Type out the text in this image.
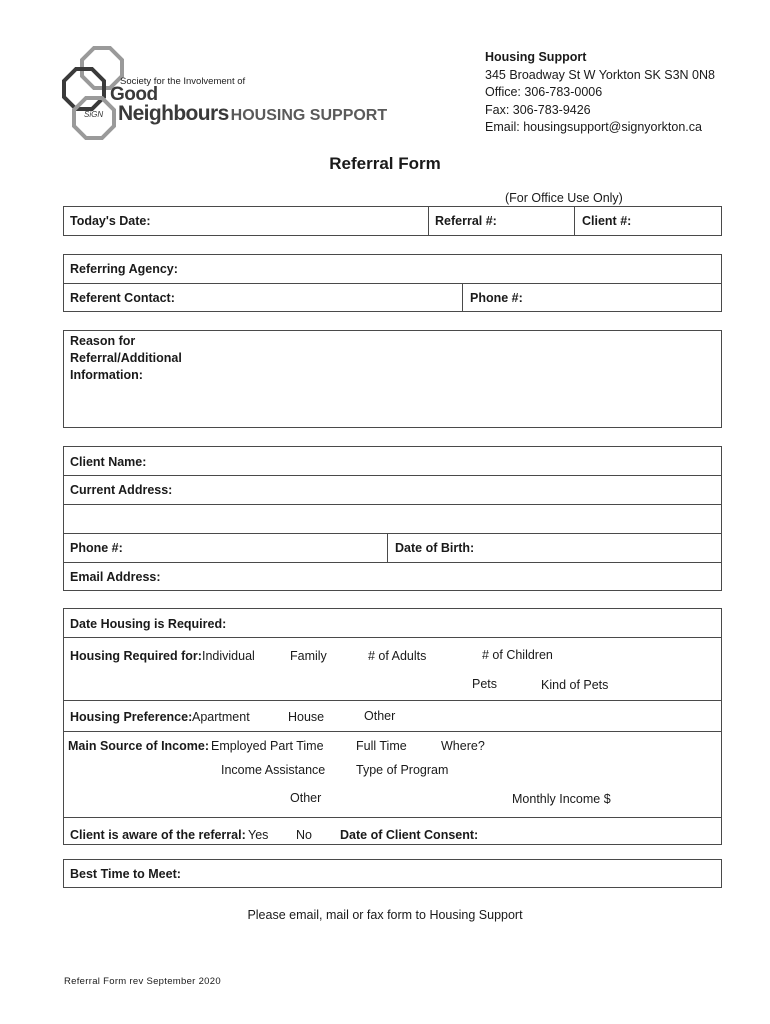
SiGN
Society for the Involvement of
Good
Neighbours HOUSING SUPPORT
Housing Support
345 Broadway St W Yorkton SK S3N 0N8
Office: 306-783-0006
Fax: 306-783-9426
Email: housingsupport@signyorkton.ca
Referral Form
(For Office Use Only)
Today's Date:	Referral #:	Client #:
Referring Agency:
Referent Contact:	Phone #:
Reason for
Referral/Additional
Information:
Client Name:
Current Address:
Phone #:	Date of Birth:
Email Address:
Date Housing is Required:
Housing Required for: Individual	Family	# of Adults	# of Children
Pets	Kind of Pets
Housing Preference: Apartment	House	Other
Main Source of Income: Employed Part Time	Full Time	Where?
Income Assistance Type of Program
Other	Monthly Income $
Client is aware of the referral: Yes No Date of Client Consent:
Best Time to Meet:
Please email, mail or fax form to Housing Support
Referral Form rev September 2020
